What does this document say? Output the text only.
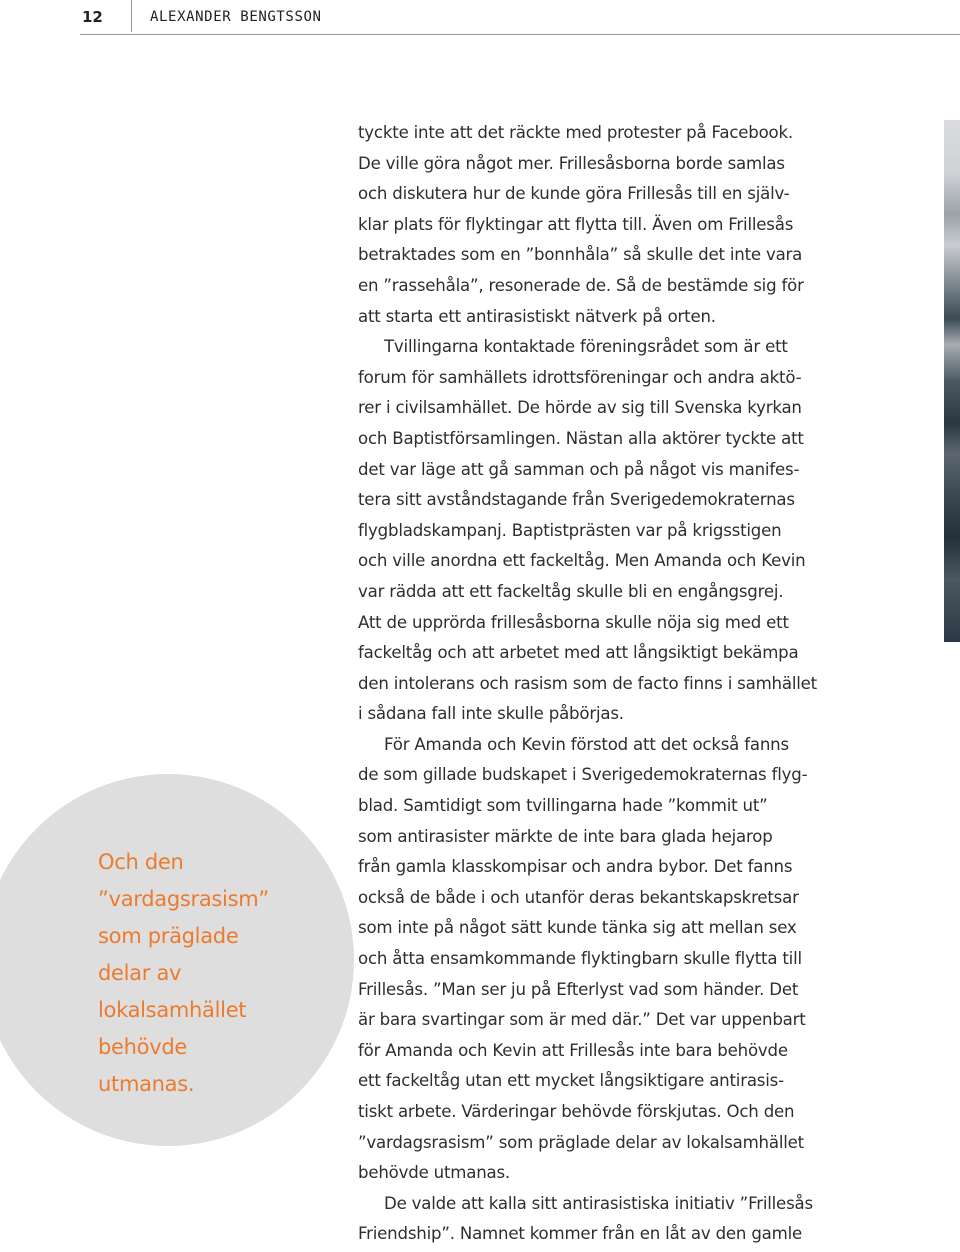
12	ALEXANDER BENGTSSON

Och den
”vardagsrasism”
som präglade
delar av
lokalsamhället
behövde
utmanas.

tyckte inte att det räckte med protester på Facebook.
De ville göra något mer. Frillesåsborna borde samlas
och diskutera hur de kunde göra Frillesås till en själv-
klar plats för flyktingar att flytta till. Även om Frillesås
betraktades som en ”bonnhåla” så skulle det inte vara
en ”rassehåla”, resonerade de. Så de bestämde sig för
att starta ett antirasistiskt nätverk på orten.
Tvillingarna kontaktade föreningsrådet som är ett
forum för samhällets idrottsföreningar och andra aktö-
rer i civilsamhället. De hörde av sig till Svenska kyrkan
och Baptistförsamlingen. Nästan alla aktörer tyckte att
det var läge att gå samman och på något vis manifes-
tera sitt avståndstagande från Sverigedemokraternas
flygbladskampanj. Baptistprästen var på krigsstigen
och ville anordna ett fackeltåg. Men Amanda och Kevin
var rädda att ett fackeltåg skulle bli en engångsgrej.
Att de upprörda frillesåsborna skulle nöja sig med ett
fackeltåg och att arbetet med att långsiktigt bekämpa
den intolerans och rasism som de facto finns i samhället
i sådana fall inte skulle påbörjas.
För Amanda och Kevin förstod att det också fanns
de som gillade budskapet i Sverigedemokraternas flyg-
blad. Samtidigt som tvillingarna hade ”kommit ut”
som antirasister märkte de inte bara glada hejarop
från gamla klasskompisar och andra bybor. Det fanns
också de både i och utanför deras bekantskapskretsar
som inte på något sätt kunde tänka sig att mellan sex
och åtta ensamkommande flyktingbarn skulle flytta till
Frillesås. ”Man ser ju på Efterlyst vad som händer. Det
är bara svartingar som är med där.” Det var uppenbart
för Amanda och Kevin att Frillesås inte bara behövde
ett fackeltåg utan ett mycket långsiktigare antirasis-
tiskt arbete. Värderingar behövde förskjutas. Och den
”vardagsrasism” som präglade delar av lokalsamhället
behövde utmanas.
De valde att kalla sitt antirasistiska initiativ ”Frillesås
Friendship”. Namnet kommer från en låt av den gamle
